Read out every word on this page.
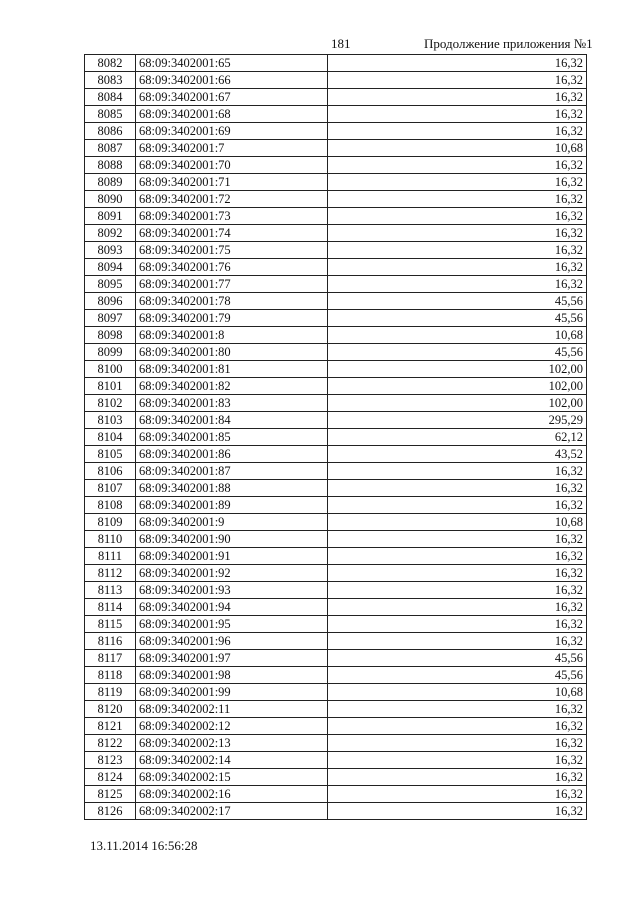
181	Продолжение приложения №1
8082	68:09:3402001:65	16,32
8083	68:09:3402001:66	16,32
8084	68:09:3402001:67	16,32
8085	68:09:3402001:68	16,32
8086	68:09:3402001:69	16,32
8087	68:09:3402001:7	10,68
8088	68:09:3402001:70	16,32
8089	68:09:3402001:71	16,32
8090	68:09:3402001:72	16,32
8091	68:09:3402001:73	16,32
8092	68:09:3402001:74	16,32
8093	68:09:3402001:75	16,32
8094	68:09:3402001:76	16,32
8095	68:09:3402001:77	16,32
8096	68:09:3402001:78	45,56
8097	68:09:3402001:79	45,56
8098	68:09:3402001:8	10,68
8099	68:09:3402001:80	45,56
8100	68:09:3402001:81	102,00
8101	68:09:3402001:82	102,00
8102	68:09:3402001:83	102,00
8103	68:09:3402001:84	295,29
8104	68:09:3402001:85	62,12
8105	68:09:3402001:86	43,52
8106	68:09:3402001:87	16,32
8107	68:09:3402001:88	16,32
8108	68:09:3402001:89	16,32
8109	68:09:3402001:9	10,68
8110	68:09:3402001:90	16,32
8111	68:09:3402001:91	16,32
8112	68:09:3402001:92	16,32
8113	68:09:3402001:93	16,32
8114	68:09:3402001:94	16,32
8115	68:09:3402001:95	16,32
8116	68:09:3402001:96	16,32
8117	68:09:3402001:97	45,56
8118	68:09:3402001:98	45,56
8119	68:09:3402001:99	10,68
8120	68:09:3402002:11	16,32
8121	68:09:3402002:12	16,32
8122	68:09:3402002:13	16,32
8123	68:09:3402002:14	16,32
8124	68:09:3402002:15	16,32
8125	68:09:3402002:16	16,32
8126	68:09:3402002:17	16,32
13.11.2014 16:56:28
